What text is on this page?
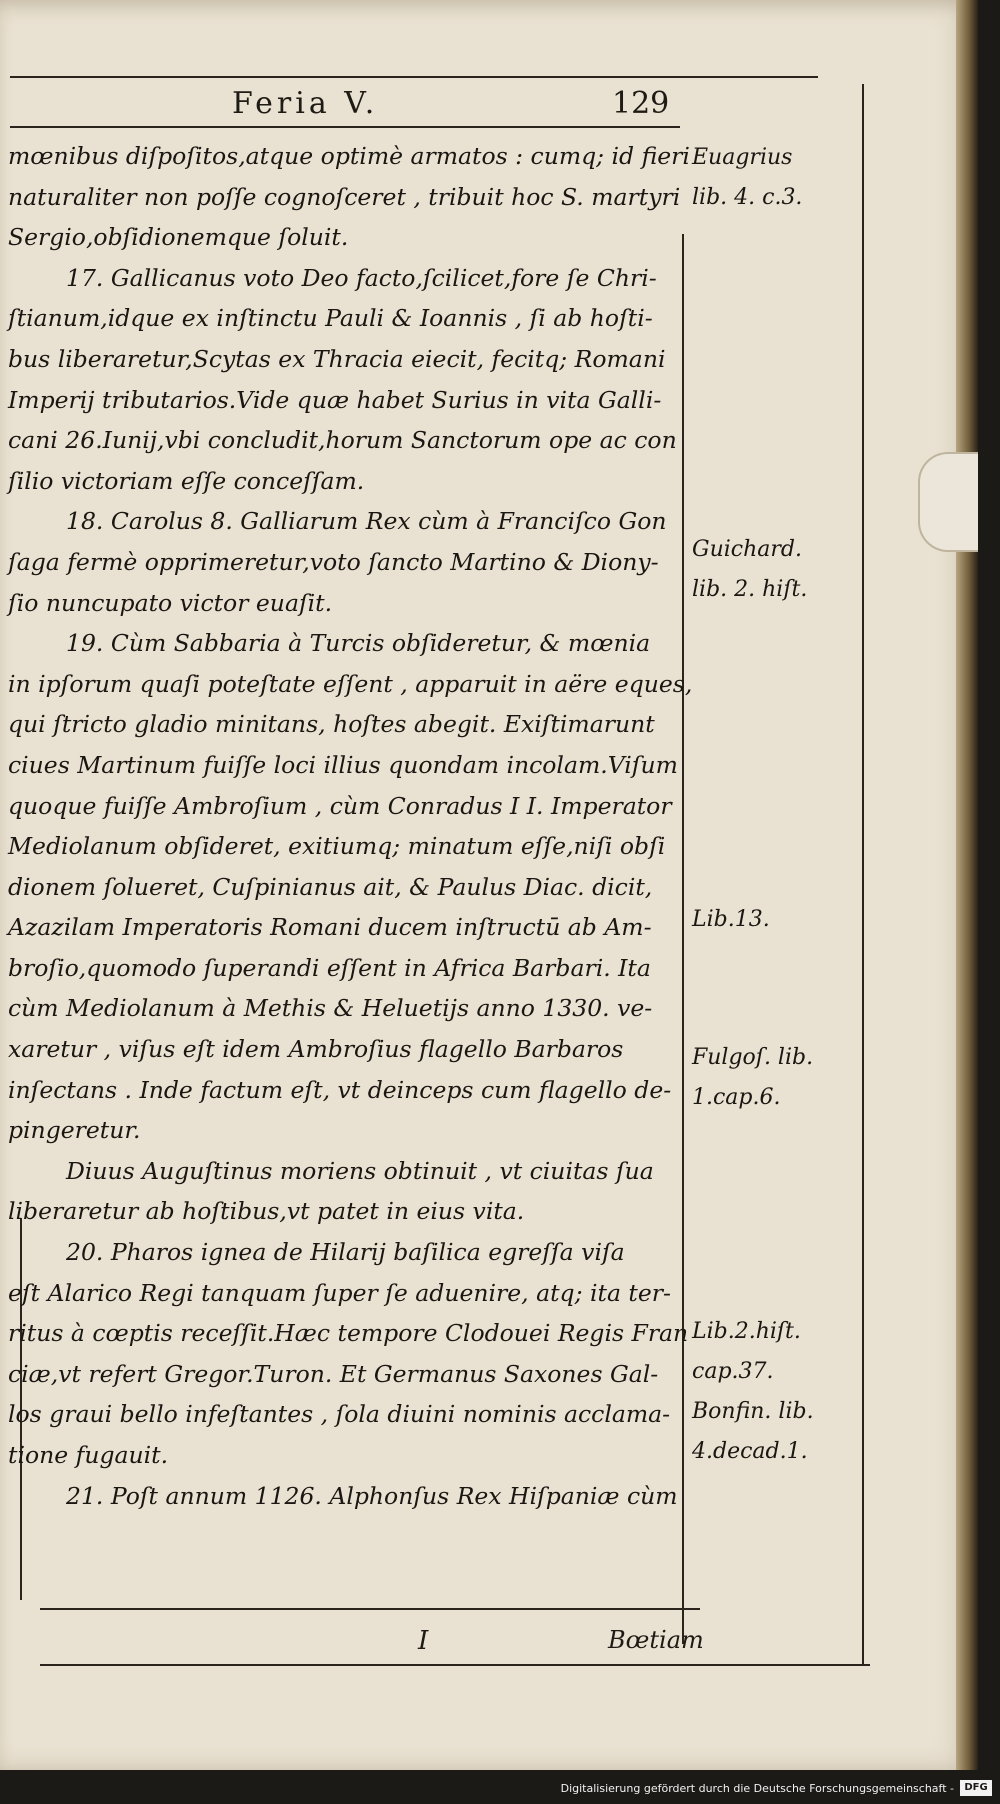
Feria V.	129
mœnibus diſpoſitos,atque optimè armatos : cumq; id fieri
naturaliter non poſſe cognoſceret , tribuit hoc S. martyri
Sergio,obſidionemque ſoluit.
17. Gallicanus voto Deo facto,ſcilicet,fore ſe Chri-
ſtianum,idque ex inſtinctu Pauli & Ioannis , ſi ab hoſti-
bus liberaretur,Scytas ex Thracia eiecit, fecitq; Romani
Imperij tributarios.Vide quæ habet Surius in vita Galli-
cani 26.Iunij,vbi concludit,horum Sanctorum ope ac con
ſilio victoriam eſſe conceſſam.
18. Carolus 8. Galliarum Rex cùm à Franciſco Gon
ſaga fermè opprimeretur,voto ſancto Martino & Diony-
ſio nuncupato victor euaſit.
19. Cùm Sabbaria à Turcis obſideretur, & mœnia
in ipſorum quaſi poteſtate eſſent , apparuit in aëre eques,
qui ſtricto gladio minitans, hoſtes abegit. Exiſtimarunt
ciues Martinum fuiſſe loci illius quondam incolam.Viſum
quoque fuiſſe Ambroſium , cùm Conradus I I. Imperator
Mediolanum obſideret, exitiumq; minatum eſſe,niſi obſi
dionem ſolueret, Cuſpinianus ait, & Paulus Diac. dicit,
Azazilam Imperatoris Romani ducem inſtructū ab Am-
broſio,quomodo ſuperandi eſſent in Africa Barbari. Ita
cùm Mediolanum à Methis & Heluetijs anno 1330. ve-
xaretur , viſus eſt idem Ambroſius flagello Barbaros
inſectans . Inde factum eſt, vt deinceps cum flagello de-
pingeretur.
Diuus Auguſtinus moriens obtinuit , vt ciuitas ſua
liberaretur ab hoſtibus,vt patet in eius vita.
20. Pharos ignea de Hilarij baſilica egreſſa viſa
eſt Alarico Regi tanquam ſuper ſe aduenire, atq; ita ter-
ritus à cœptis receſſit.Hæc tempore Clodouei Regis Fran
ciæ,vt refert Gregor.Turon. Et Germanus Saxones Gal-
los graui bello infeſtantes , ſola diuini nominis acclama-
tione fugauit.
21. Poſt annum 1126. Alphonſus Rex Hiſpaniæ cùm
Euagrius
lib. 4. c.3.
Guichard.
lib. 2. hiſt.
Lib.13.
Fulgoſ. lib.
1.cap.6.
Lib.2.hiſt.
cap.37.
Bonfin. lib.
4.decad.1.
I	Bœtiam
Digitalisierung gefördert durch die Deutsche Forschungsgemeinschaft -	DFG
